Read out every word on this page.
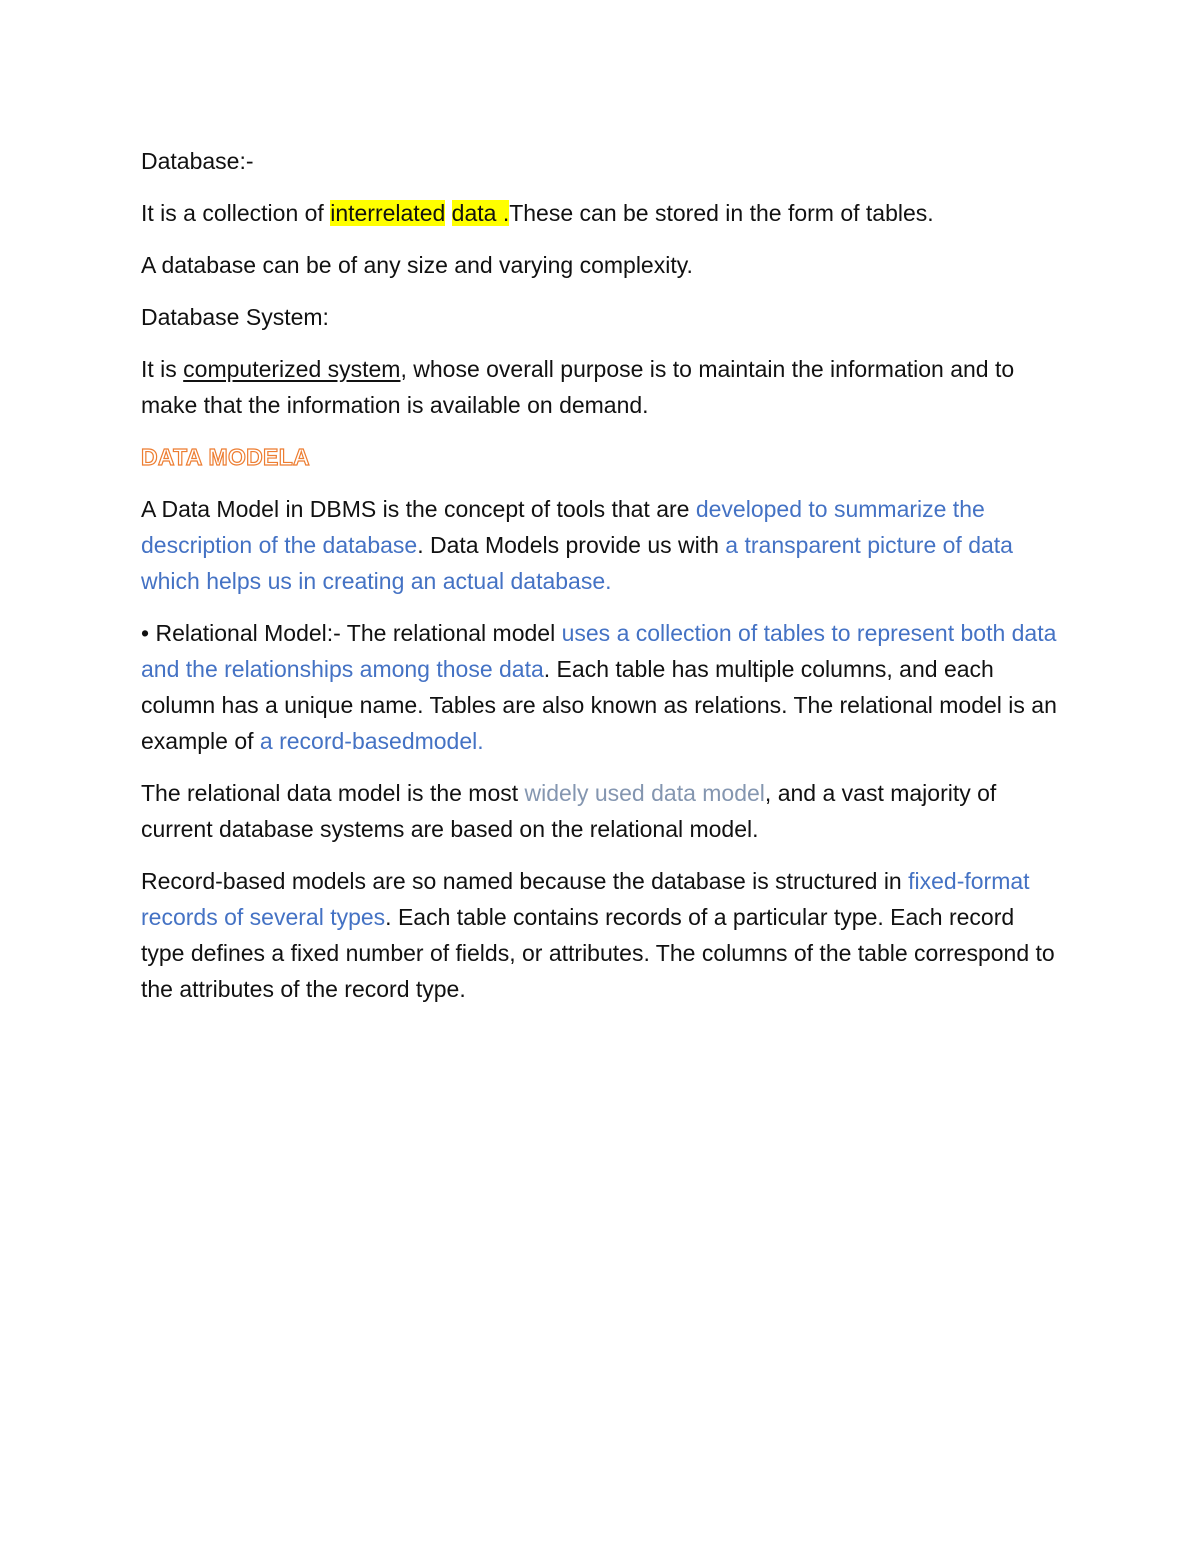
Database:-

It is a collection of interrelated data .These can be stored in the form of tables.

A database can be of any size and varying complexity.

Database System:

It is computerized system, whose overall purpose is to maintain the information and to make that the information is available on demand.

DATA MODELA

A Data Model in DBMS is the concept of tools that are developed to summarize the description of the database. Data Models provide us with a transparent picture of data which helps us in creating an actual database.

• Relational Model:- The relational model uses a collection of tables to represent both data and the relationships among those data. Each table has multiple columns, and each column has a unique name. Tables are also known as relations. The relational model is an example of a record-basedmodel.

The relational data model is the most widely used data model, and a vast majority of current database systems are based on the relational model.

Record-based models are so named because the database is structured in fixed-format records of several types. Each table contains records of a particular type. Each record type defines a fixed number of fields, or attributes. The columns of the table correspond to the attributes of the record type.
